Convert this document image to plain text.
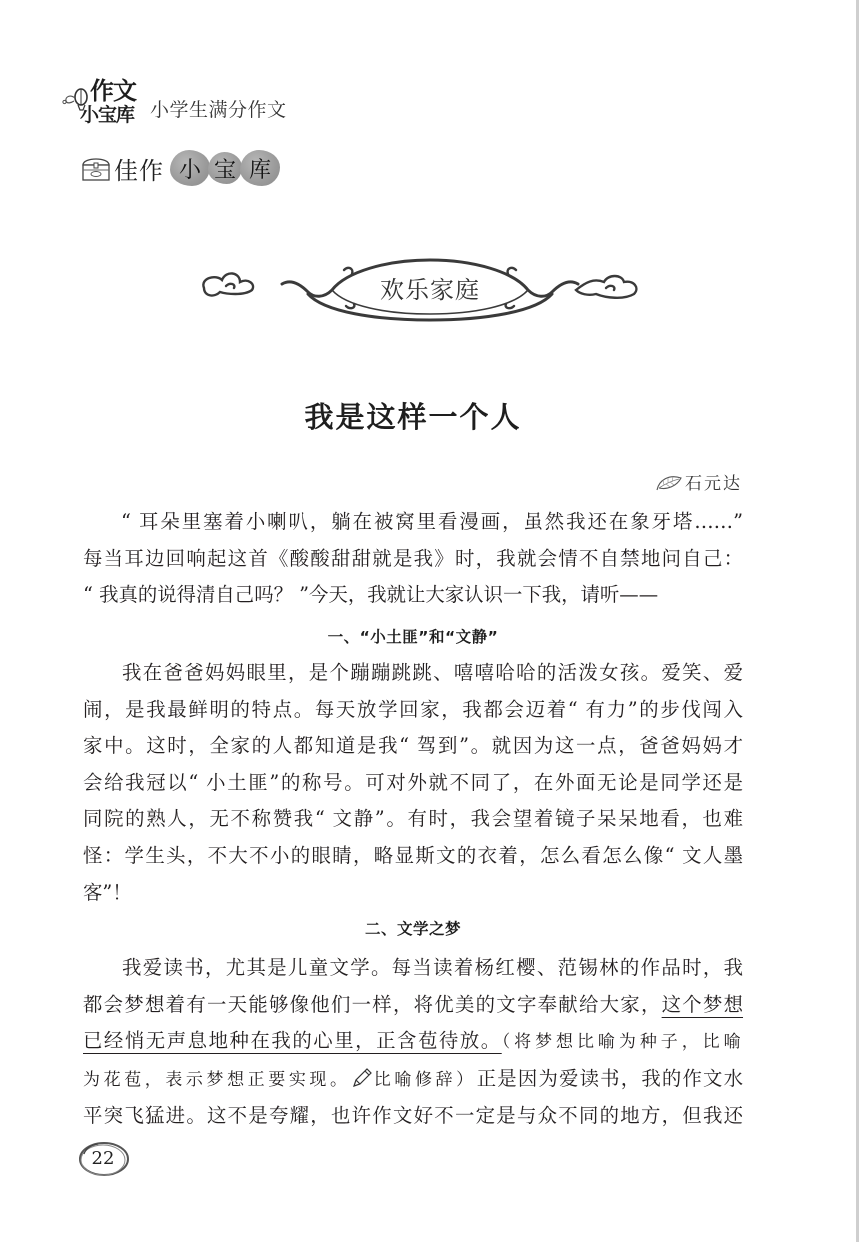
作文
小宝库 小学生满分作文
佳作 小 宝 库
欢乐家庭
我是这样一个人
石元达
“ 耳朵里塞着小喇叭，躺在被窝里看漫画，虽然我还在象牙塔……”
每当耳边回响起这首《酸酸甜甜就是我》时，我就会情不自禁地问自己：
“ 我真的说得清自己吗？ ”今天，我就让大家认识一下我，请听——
一、“小土匪”和“文静”
我在爸爸妈妈眼里，是个蹦蹦跳跳、嘻嘻哈哈的活泼女孩。爱笑、爱
闹，是我最鲜明的特点。每天放学回家，我都会迈着“ 有力”的步伐闯入
家中。这时，全家的人都知道是我“ 驾到”。就因为这一点，爸爸妈妈才
会给我冠以“ 小土匪”的称号。可对外就不同了，在外面无论是同学还是
同院的熟人，无不称赞我“ 文静”。有时，我会望着镜子呆呆地看，也难
怪：学生头，不大不小的眼睛，略显斯文的衣着，怎么看怎么像“ 文人墨
客”！
二、文学之梦
我爱读书，尤其是儿童文学。每当读着杨红樱、范锡林的作品时，我
都会梦想着有一天能够像他们一样，将优美的文字奉献给大家，这个梦想
已经悄无声息地种在我的心里，正含苞待放。（将梦想比喻为种子，比喻
为花苞，表示梦想正要实现。 比喻修辞）正是因为爱读书，我的作文水
平突飞猛进。这不是夸耀，也许作文好不一定是与众不同的地方，但我还
22
